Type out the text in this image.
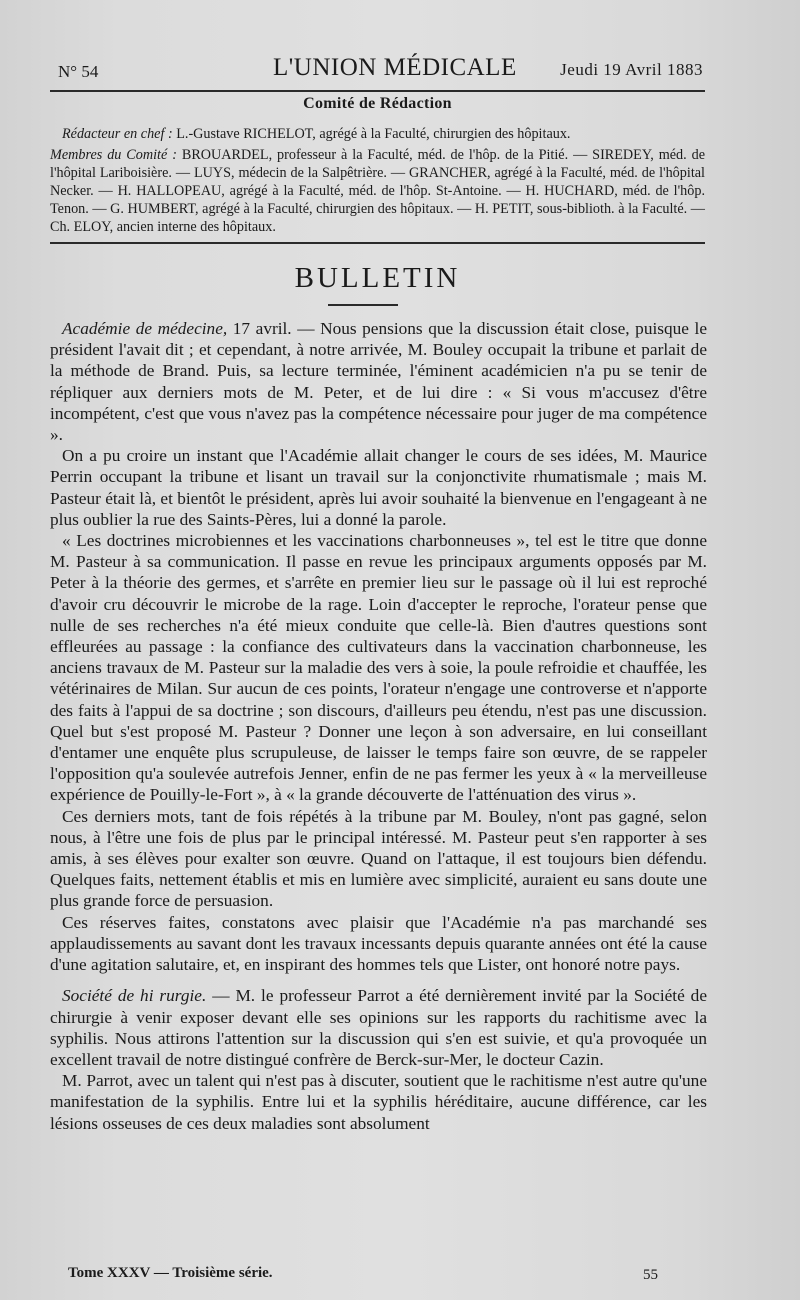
N° 54	L'UNION MÉDICALE	Jeudi 19 Avril 1883
Comité de Rédaction

Rédacteur en chef : L.-Gustave RICHELOT, agrégé à la Faculté, chirurgien des hôpitaux.

Membres du Comité : BROUARDEL, professeur à la Faculté, méd. de l'hôp. de la Pitié. — SIREDEY, méd. de l'hôpital Lariboisière. — LUYS, médecin de la Salpêtrière. — GRANCHER, agrégé à la Faculté, méd. de l'hôpital Necker. — H. HALLOPEAU, agrégé à la Faculté, méd. de l'hôp. St-Antoine. — H. HUCHARD, méd. de l'hôp. Tenon. — G. HUMBERT, agrégé à la Faculté, chirurgien des hôpitaux. — H. PETIT, sous-biblioth. à la Faculté. — Ch. ELOY, ancien interne des hôpitaux.

BULLETIN

Académie de médecine, 17 avril. — Nous pensions que la discussion était close, puisque le président l'avait dit ; et cependant, à notre arrivée, M. Bouley occupait la tribune et parlait de la méthode de Brand. Puis, sa lecture terminée, l'éminent académicien n'a pu se tenir de répliquer aux derniers mots de M. Peter, et de lui dire : « Si vous m'accusez d'être incompétent, c'est que vous n'avez pas la compétence nécessaire pour juger de ma compétence ».

On a pu croire un instant que l'Académie allait changer le cours de ses idées, M. Maurice Perrin occupant la tribune et lisant un travail sur la conjonctivite rhumatismale ; mais M. Pasteur était là, et bientôt le président, après lui avoir souhaité la bienvenue en l'engageant à ne plus oublier la rue des Saints-Pères, lui a donné la parole.

« Les doctrines microbiennes et les vaccinations charbonneuses », tel est le titre que donne M. Pasteur à sa communication. Il passe en revue les principaux arguments opposés par M. Peter à la théorie des germes, et s'arrête en premier lieu sur le passage où il lui est reproché d'avoir cru découvrir le microbe de la rage. Loin d'accepter le reproche, l'orateur pense que nulle de ses recherches n'a été mieux conduite que celle-là. Bien d'autres questions sont effleurées au passage : la confiance des cultivateurs dans la vaccination charbonneuse, les anciens travaux de M. Pasteur sur la maladie des vers à soie, la poule refroidie et chauffée, les vétérinaires de Milan. Sur aucun de ces points, l'orateur n'engage une controverse et n'apporte des faits à l'appui de sa doctrine ; son discours, d'ailleurs peu étendu, n'est pas une discussion. Quel but s'est proposé M. Pasteur ? Donner une leçon à son adversaire, en lui conseillant d'entamer une enquête plus scrupuleuse, de laisser le temps faire son œuvre, de se rappeler l'opposition qu'a soulevée autrefois Jenner, enfin de ne pas fermer les yeux à « la merveilleuse expérience de Pouilly-le-Fort », à « la grande découverte de l'atténuation des virus ».

Ces derniers mots, tant de fois répétés à la tribune par M. Bouley, n'ont pas gagné, selon nous, à l'être une fois de plus par le principal intéressé. M. Pasteur peut s'en rapporter à ses amis, à ses élèves pour exalter son œuvre. Quand on l'attaque, il est toujours bien défendu. Quelques faits, nettement établis et mis en lumière avec simplicité, auraient eu sans doute une plus grande force de persuasion.

Ces réserves faites, constatons avec plaisir que l'Académie n'a pas marchandé ses applaudissements au savant dont les travaux incessants depuis quarante années ont été la cause d'une agitation salutaire, et, en inspirant des hommes tels que Lister, ont honoré notre pays.

Société de hi rurgie. — M. le professeur Parrot a été dernièrement invité par la Société de chirurgie à venir exposer devant elle ses opinions sur les rapports du rachitisme avec la syphilis. Nous attirons l'attention sur la discussion qui s'en est suivie, et qu'a provoquée un excellent travail de notre distingué confrère de Berck-sur-Mer, le docteur Cazin.

M. Parrot, avec un talent qui n'est pas à discuter, soutient que le rachitisme n'est autre qu'une manifestation de la syphilis. Entre lui et la syphilis héréditaire, aucune différence, car les lésions osseuses de ces deux maladies sont absolument

Tome XXXV — Troisième série.	55
